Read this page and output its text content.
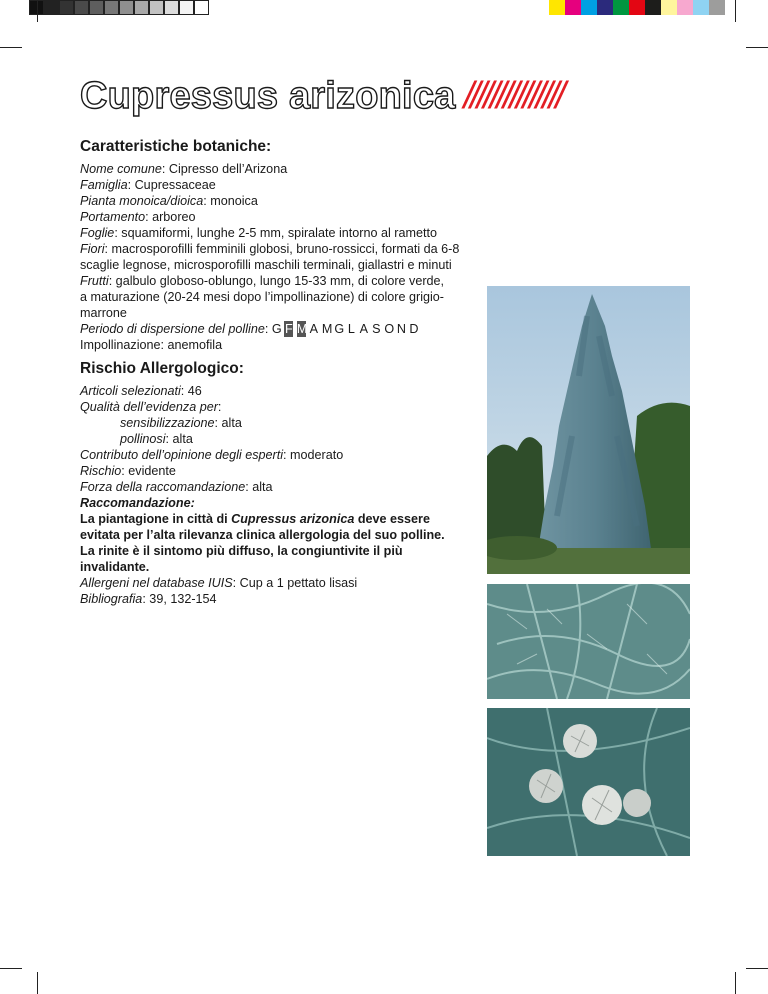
Cupressus arizonica ///////////////
Caratteristiche botaniche:
Nome comune: Cipresso dell’Arizona
Famiglia: Cupressaceae
Pianta monoica/dioica: monoica
Portamento: arboreo
Foglie: squamiformi, lunghe 2-5 mm, spiralate intorno al rametto
Fiori: macrosporofilli femminili globosi, bruno-rossicci, formati da 6-8
scaglie legnose, microsporofilli maschili terminali, giallastri e minuti
Frutti: galbulo globoso-oblungo, lungo 15-33 mm, di colore verde,
a maturazione (20-24 mesi dopo l’impollinazione) di colore grigio-
marrone
Periodo di dispersione del polline: G F M A M G L A S O N D
Impollinazione: anemofila
Rischio Allergologico:
Articoli selezionati: 46
Qualità dell’evidenza per:
sensibilizzazione: alta
pollinosi: alta
Contributo dell’opinione degli esperti: moderato
Rischio: evidente
Forza della raccomandazione: alta
Raccomandazione:
La piantagione in città di Cupressus arizonica deve essere
evitata per l’alta rilevanza clinica allergologia del suo polline.
La rinite è il sintomo più diffuso, la congiuntivite il più
invalidante.
Allergeni nel database IUIS: Cup a 1 pettato lisasi
Bibliografia: 39, 132-154
